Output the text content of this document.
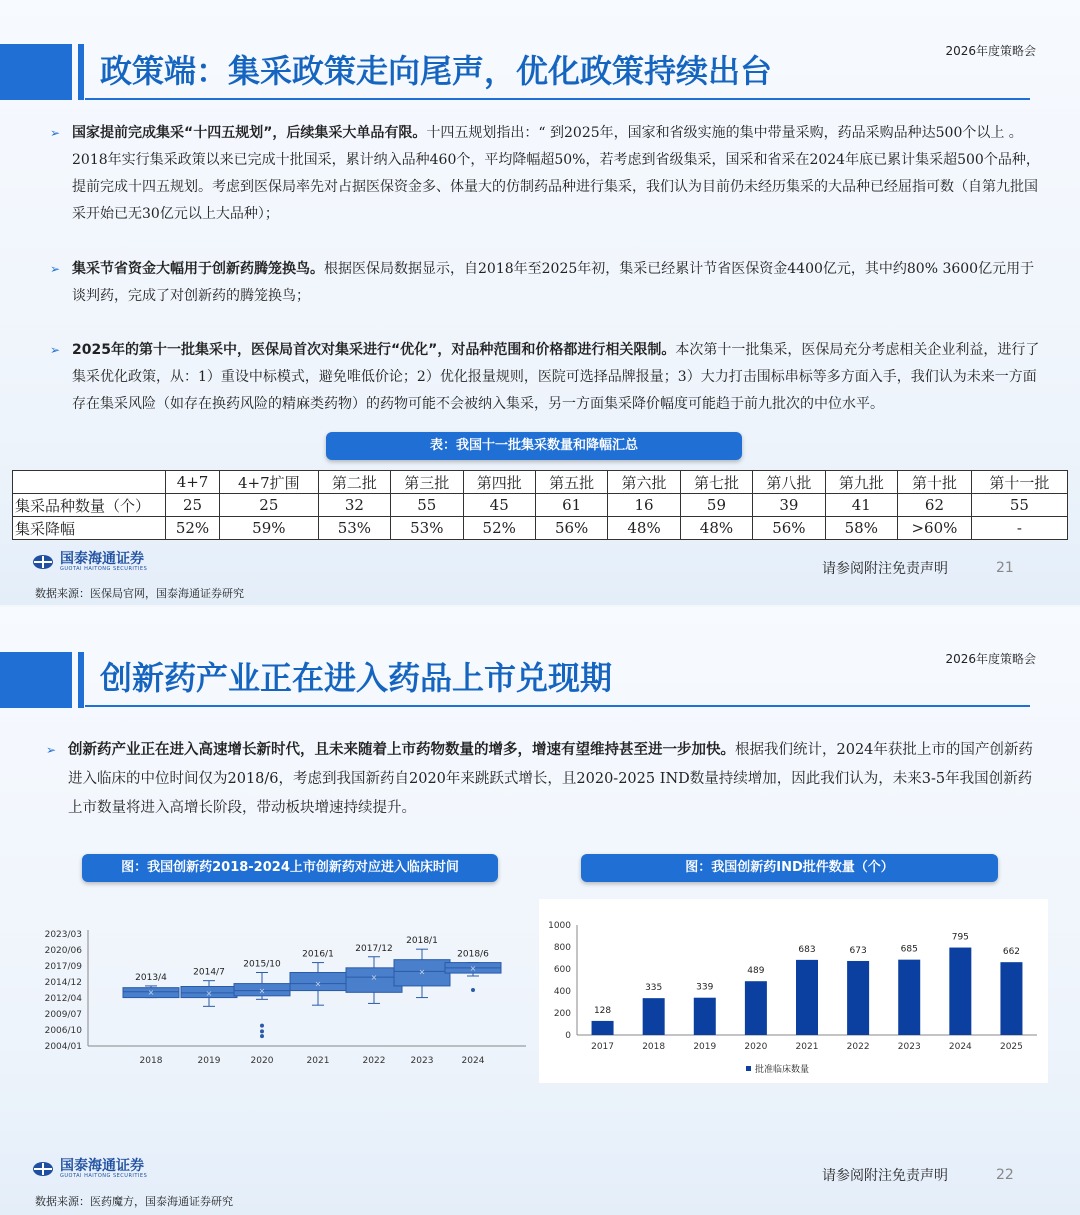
政策端：集采政策走向尾声，优化政策持续出台
2026年度策略会
➢ 国家提前完成集采“十四五规划”，后续集采大单品有限。十四五规划指出：“ 到2025年，国家和省级实施的集中带量采购，药品采购品种达500个以上 。2018年实行集采政策以来已完成十批国采，累计纳入品种460个，平均降幅超50%，若考虑到省级集采，国采和省采在2024年底已累计集采超500个品种，提前完成十四五规划。考虑到医保局率先对占据医保资金多、体量大的仿制药品种进行集采，我们认为目前仍未经历集采的大品种已经屈指可数（自第九批国采开始已无30亿元以上大品种）；
➢ 集采节省资金大幅用于创新药腾笼换鸟。根据医保局数据显示，自2018年至2025年初，集采已经累计节省医保资金4400亿元，其中约80% 3600亿元用于谈判药，完成了对创新药的腾笼换鸟；
➢ 2025年的第十一批集采中，医保局首次对集采进行“优化”，对品种范围和价格都进行相关限制。本次第十一批集采，医保局充分考虑相关企业利益，进行了集采优化政策，从：1）重设中标模式，避免唯低价论；2）优化报量规则，医院可选择品牌报量；3）大力打击围标串标等多方面入手，我们认为未来一方面存在集采风险（如存在换药风险的精麻类药物）的药物可能不会被纳入集采，另一方面集采降价幅度可能趋于前九批次的中位水平。
表：我国十一批集采数量和降幅汇总
	4+7	4+7扩围	第二批	第三批	第四批	第五批	第六批	第七批	第八批	第九批	第十批	第十一批
集采品种数量（个）	25	25	32	55	45	61	16	59	39	41	62	55
集采降幅	52%	59%	53%	53%	52%	56%	48%	48%	56%	58%	>60%	-
国泰海通证券
GUOTAI HAITONG SECURITIES	请参阅附注免责声明	21
数据来源：医保局官网，国泰海通证券研究
创新药产业正在进入药品上市兑现期	2026年度策略会
➢ 创新药产业正在进入高速增长新时代，且未来随着上市药物数量的增多，增速有望维持甚至进一步加快。根据我们统计，2024年获批上市的国产创新药进入临床的中位时间仅为2018/6，考虑到我国新药自2020年来跳跃式增长，且2020-2025 IND数量持续增加，因此我们认为，未来3-5年我国创新药上市数量将进入高增长阶段，带动板块增速持续提升。
图：我国创新药2018-2024上市创新药对应进入临床时间	图：我国创新药IND批件数量（个）
2004/01
2006/10
2009/07
2012/04
2014/12
2017/09
2020/06
2023/03
×
2013/4
2018
×
2014/7
2019
×
2015/10
2020
×
2016/1
2021
×
2017/12
2022
×
2018/1
2023
×
2018/6
2024
0
200
400
600
800
1000
128
2017
335
2018
339
2019
489
2020
683
2021
673
2022
685
2023
795
2024
662
2025
批准临床数量
国泰海通证券
GUOTAI HAITONG SECURITIES	请参阅附注免责声明	22
数据来源：医药魔方，国泰海通证券研究
